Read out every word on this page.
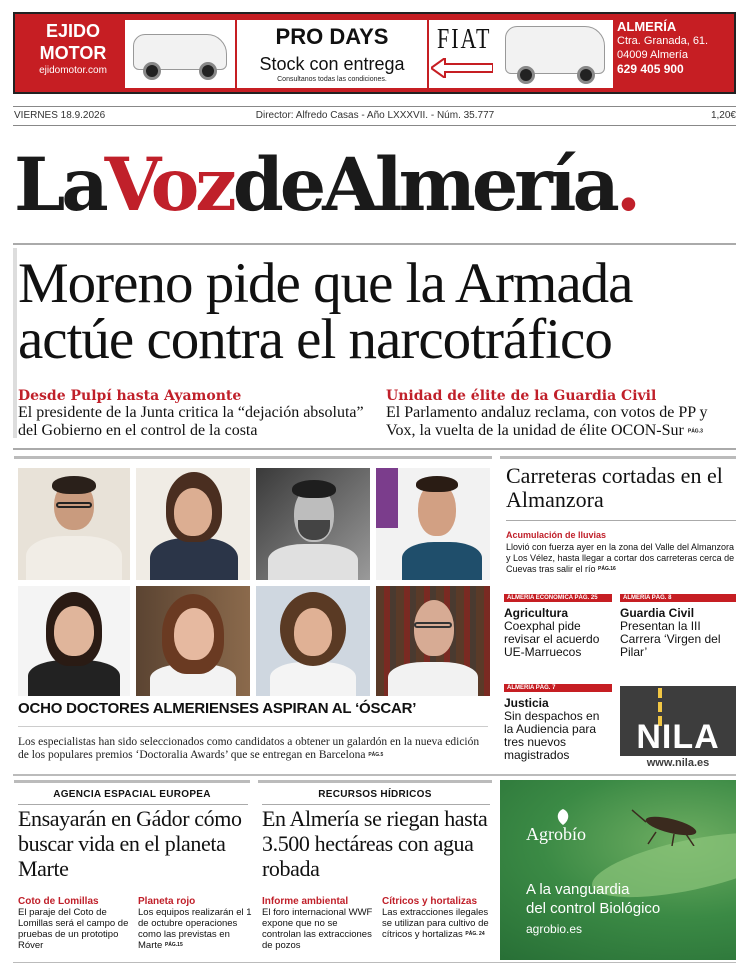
EJIDO
MOTOR
ejidomotor.com
PRO DAYS
Stock con entrega
Consultanos todas las condiciones.
FIAT	ALMERÍA
Ctra. Granada, 61.
04009 Almería
629 405 900
VIERNES 18.9.2026	Director: Alfredo Casas - Año LXXXVII. - Núm. 35.777	1,20€
LaVozdeAlmería.
Moreno pide que la Armada actúe contra el narcotráfico
Desde Pulpí hasta Ayamonte
El presidente de la Junta critica la “dejación absoluta” del Gobierno en el control de la costa
Unidad de élite de la Guardia Civil
El Parlamento andaluz reclama, con votos de PP y Vox, la vuelta de la unidad de élite OCON-Sur PÁG.3
OCHO DOCTORES ALMERIENSES ASPIRAN AL ‘ÓSCAR’
Los especialistas han sido seleccionados como candidatos a obtener un galardón en la nueva edición de los populares premios ‘Doctoralia Awards’ que se entregan en Barcelona PÁG.5
Carreteras cortadas en el Almanzora
Acumulación de lluvias
Llovió con fuerza ayer en la zona del Valle del Almanzora y Los Vélez, hasta llegar a cortar dos carreteras cerca de Cuevas tras salir el río PÁG.16
ALMERÍA ECONÓMICA PÁG. 25
Agricultura
Coexphal pide revisar el acuerdo UE-Marruecos
ALMERÍA PÁG. 8
Guardia Civil
Presentan la III Carrera ‘Virgen del Pilar’
ALMERÍA PÁG. 7
Justicia
Sin despachos en la Audiencia para tres nuevos magistrados	NILA
www.nila.es
AGENCIA ESPACIAL EUROPEA
Ensayarán en Gádor cómo buscar vida en el planeta Marte
Coto de Lomillas
El paraje del Coto de Lomillas será el campo de pruebas de un prototipo Róver
Planeta rojo
Los equipos realizarán el 1 de octubre operaciones como las previstas en Marte PÁG.15
RECURSOS HÍDRICOS
En Almería se riegan hasta 3.500 hectáreas con agua robada
Informe ambiental
El foro internacional WWF expone que no se controlan las extracciones de pozos
Cítricos y hortalizas
Las extracciones ilegales se utilizan para cultivo de cítricos y hortalizas PÁG. 24
Agrobío
A la vanguardia
del control Biológico
agrobio.es
